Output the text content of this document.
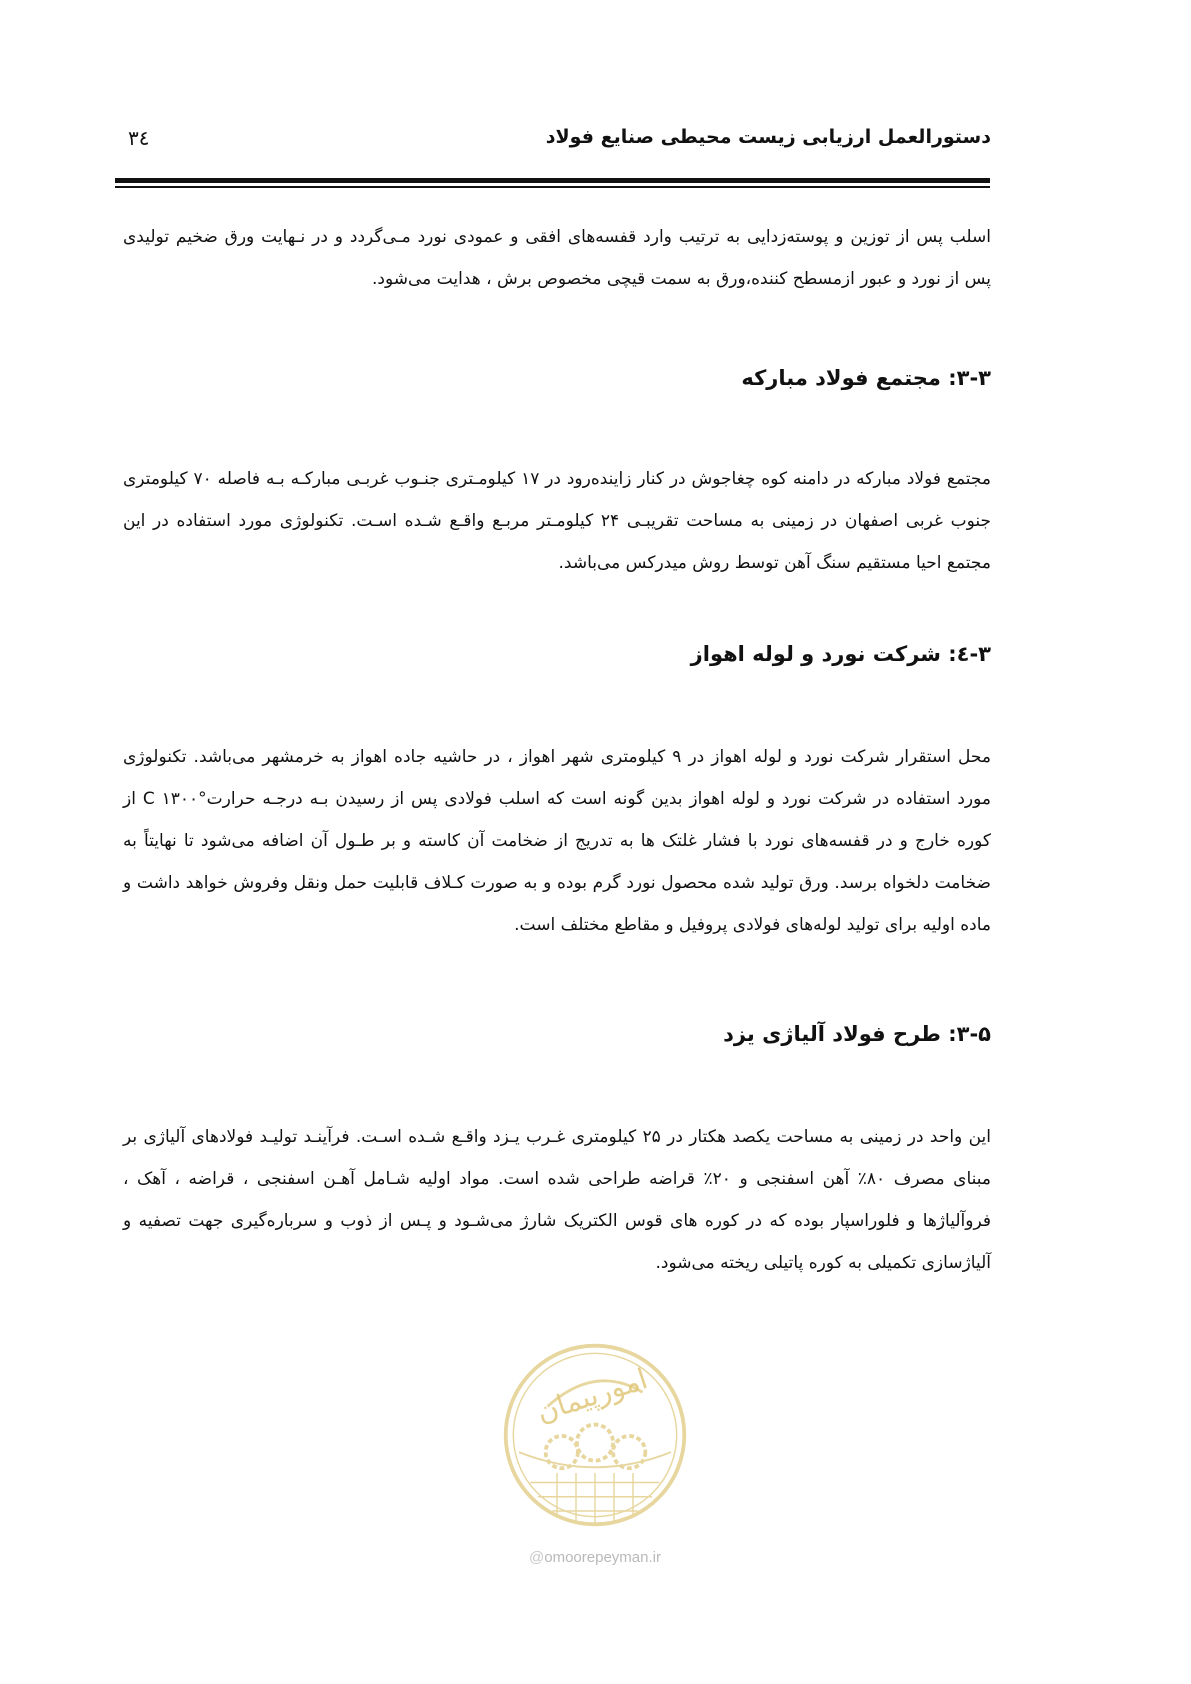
دستورالعمل ارزیابی زیست محیطی صنایع فولاد
۳٤

اسلب پس از توزین و پوسته‌زدایی به ترتیب وارد قفسه‌های افقی و عمودی نورد مـی‌گردد و در نـهایت ورق ضخیم تولیدی پس از نورد و عبور ازمسطح کننده،ورق به سمت قیچی مخصوص برش ، هدایت می‌شود.

۳-۳: مجتمع فولاد مبارکه

مجتمع فولاد مبارکه در دامنه کوه چغاجوش در کنار زاینده‌رود در ۱۷ کیلومـتری جنـوب غربـی مبارکـه بـه فاصله ۷۰ کیلومتری جنوب غربی اصفهان در زمینی به مساحت تقریبـی ۲۴ کیلومـتر مربـع واقـع شـده اسـت. تکنولوژی مورد استفاده در این مجتمع احیا مستقیم سنگ آهن توسط روش میدرکس می‌باشد.

۳-٤: شرکت نورد و لوله اهواز

محل استقرار شرکت نورد و لوله اهواز در ۹ کیلومتری شهر اهواز ، در حاشیه جاده اهواز به خرمشهر می‌باشد. تکنولوژی مورد استفاده در شرکت نورد و لوله اهواز بدین گونه است که اسلب فولادی پس از رسیدن بـه درجـه حرارت°C ۱۳۰۰ از کوره خارج و در قفسه‌های نورد با فشار غلتک ها به تدریج از ضخامت آن کاسته و بر طـول آن اضافه می‌شود تا نهایتاً به ضخامت دلخواه برسد. ورق تولید شده محصول نورد گرم بوده و به صورت کـلاف قابلیت حمل ونقل وفروش خواهد داشت و ماده اولیه برای تولید لوله‌های فولادی پروفیل و مقاطع مختلف است.

۳-۵: طرح فولاد آلیاژی یزد

این واحد در زمینی به مساحت یکصد هکتار در ۲۵ کیلومتری غـرب یـزد واقـع شـده اسـت. فرآینـد تولیـد فولادهای آلیاژی بر مبنای مصرف ۸۰٪ آهن اسفنجی و ۲۰٪ قراضه طراحی شده است. مواد اولیه شـامل آهـن اسفنجی ، قراضه ، آهک ، فروآلیاژها و فلوراسپار بوده که در کوره های قوس الکتریک شارژ می‌شـود و پـس از ذوب و سرباره‌گیری جهت تصفیه و آلیاژسازی تکمیلی به کوره پاتیلی ریخته می‌شود.

امورپیمان
@omoorepeyman.ir
